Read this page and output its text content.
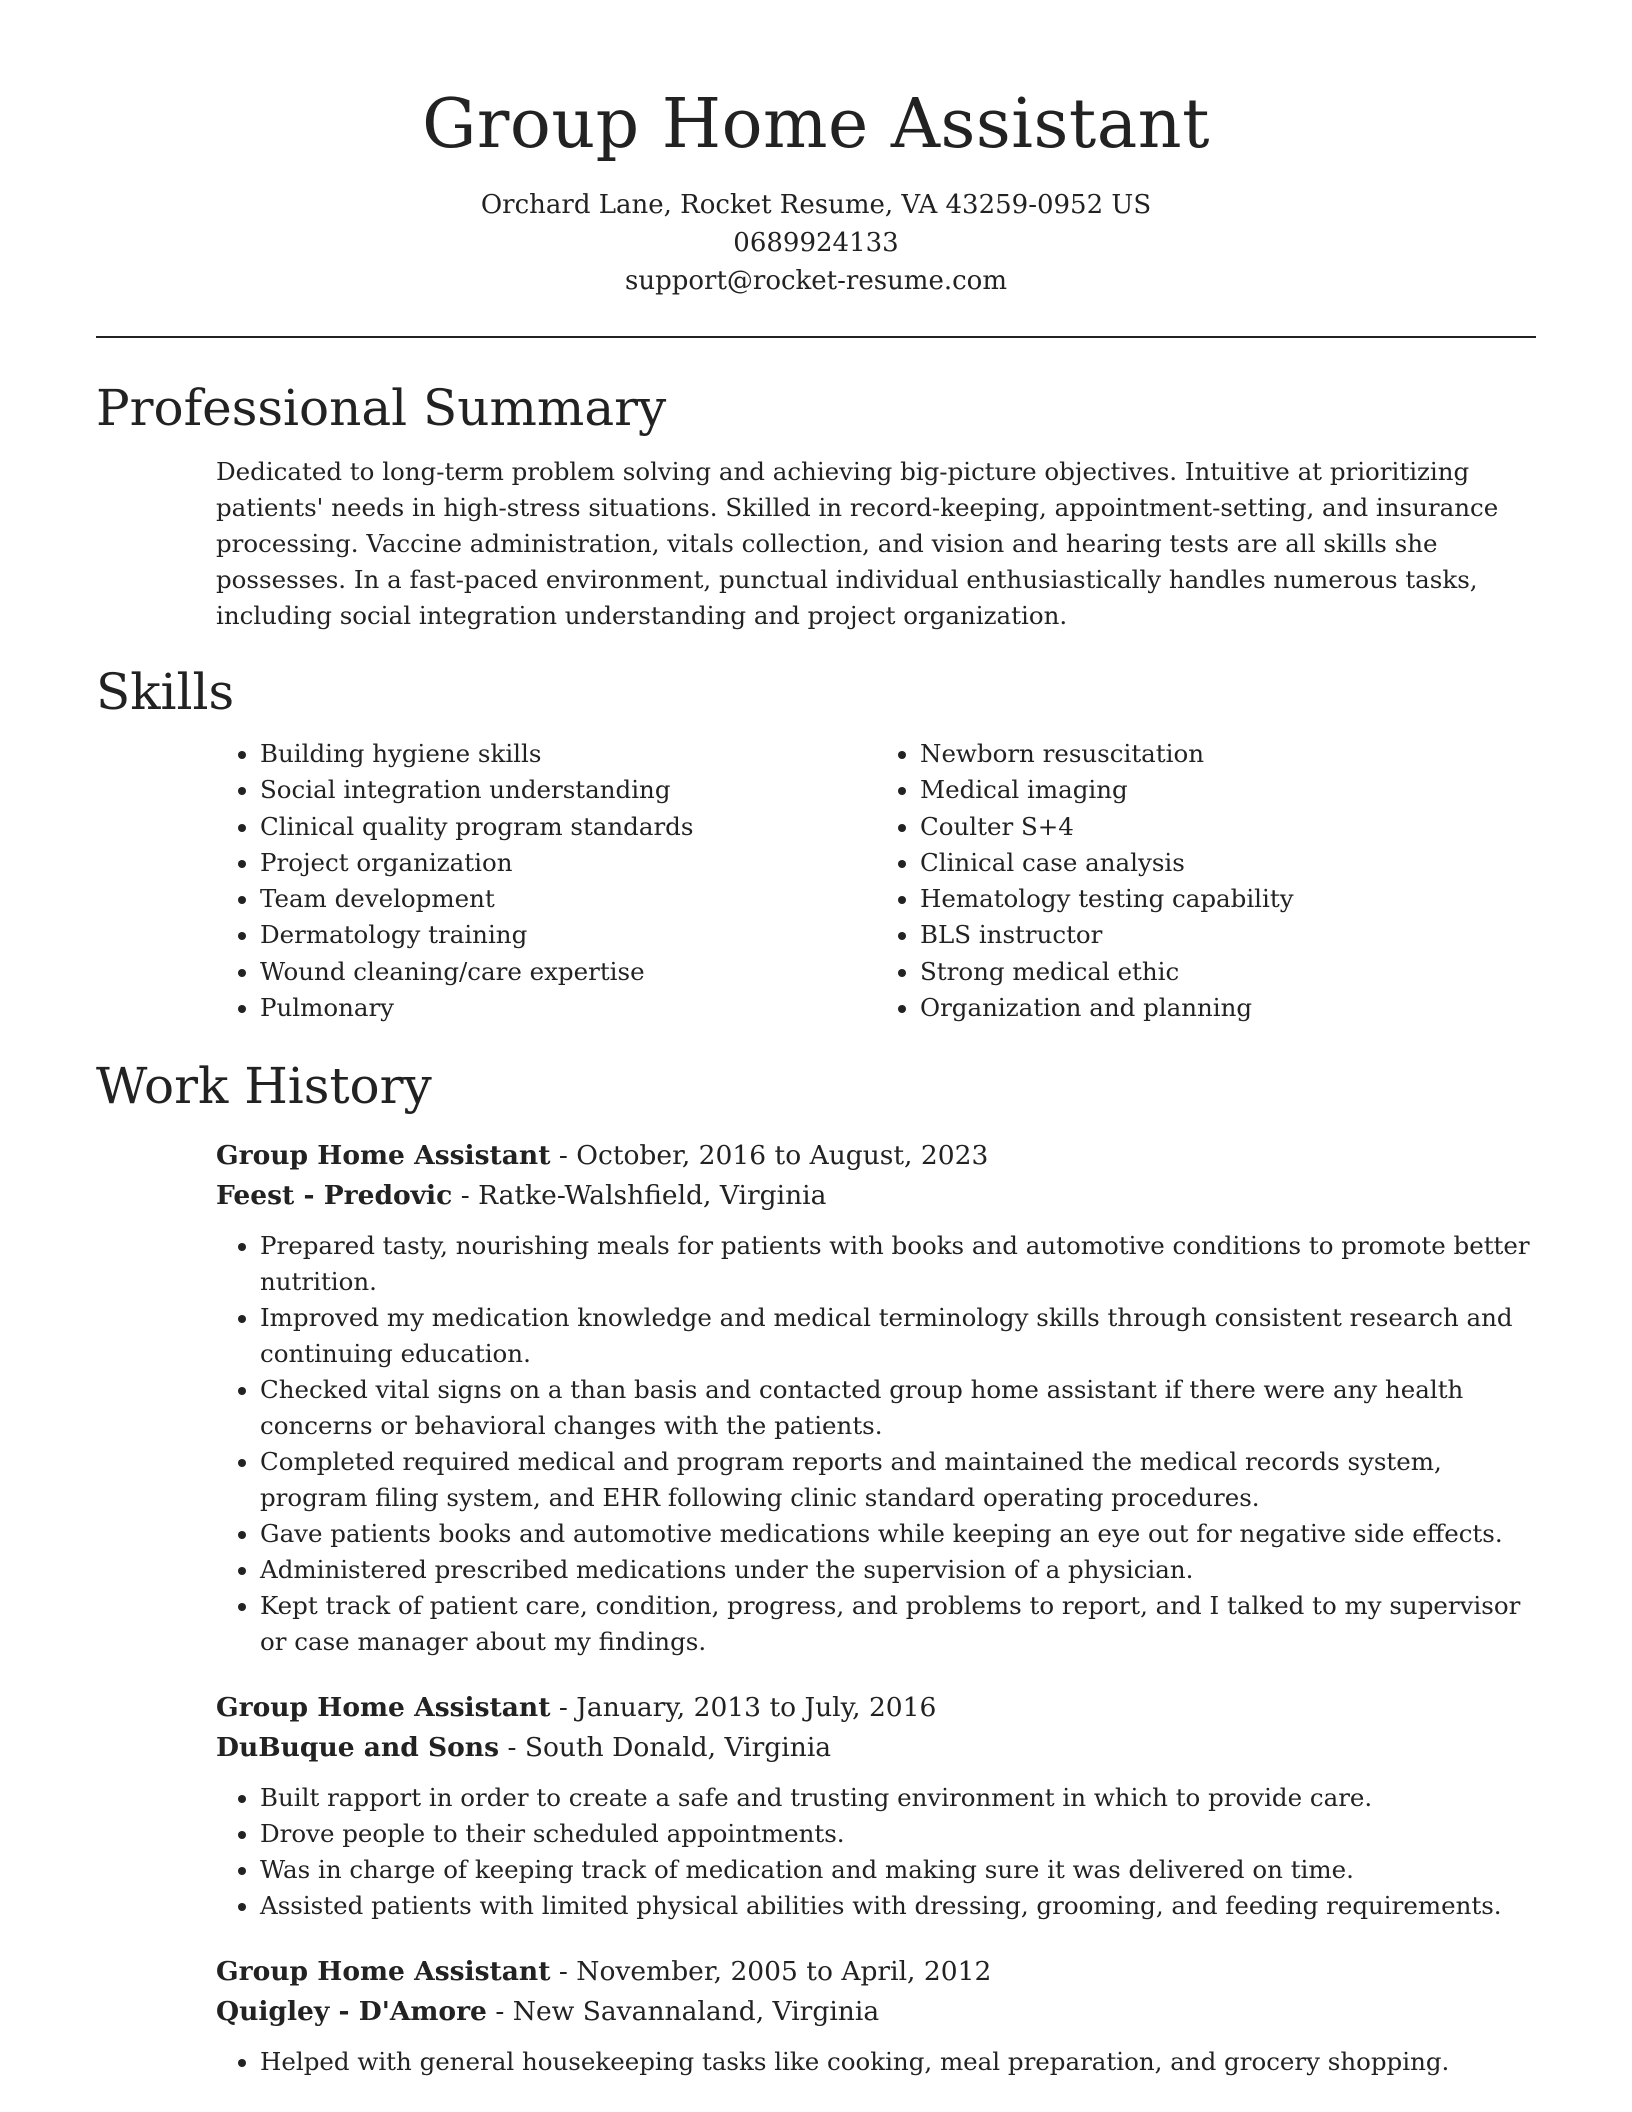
Group Home Assistant
Orchard Lane, Rocket Resume, VA 43259-0952 US
0689924133
support@rocket-resume.com
Professional Summary

Dedicated to long-term problem solving and achieving big-picture objectives. Intuitive at prioritizing patients' needs in high-stress situations. Skilled in record-keeping, appointment-setting, and insurance processing. Vaccine administration, vitals collection, and vision and hearing tests are all skills she possesses. In a fast-paced environment, punctual individual enthusiastically handles numerous tasks, including social integration understanding and project organization.

Skills
• Building hygiene skills
• Social integration understanding
• Clinical quality program standards
• Project organization
• Team development
• Dermatology training
• Wound cleaning/care expertise
• Pulmonary
• Newborn resuscitation
• Medical imaging
• Coulter S+4
• Clinical case analysis
• Hematology testing capability
• BLS instructor
• Strong medical ethic
• Organization and planning
Work History
Group Home Assistant - October, 2016 to August, 2023
Feest - Predovic - Ratke-Walshfield, Virginia
• Prepared tasty, nourishing meals for patients with books and automotive conditions to promote better nutrition.
• Improved my medication knowledge and medical terminology skills through consistent research and continuing education.
• Checked vital signs on a than basis and contacted group home assistant if there were any health concerns or behavioral changes with the patients.
• Completed required medical and program reports and maintained the medical records system, program filing system, and EHR following clinic standard operating procedures.
• Gave patients books and automotive medications while keeping an eye out for negative side effects.
• Administered prescribed medications under the supervision of a physician.
• Kept track of patient care, condition, progress, and problems to report, and I talked to my supervisor or case manager about my findings.
Group Home Assistant - January, 2013 to July, 2016
DuBuque and Sons - South Donald, Virginia
• Built rapport in order to create a safe and trusting environment in which to provide care.
• Drove people to their scheduled appointments.
• Was in charge of keeping track of medication and making sure it was delivered on time.
• Assisted patients with limited physical abilities with dressing, grooming, and feeding requirements.
Group Home Assistant - November, 2005 to April, 2012
Quigley - D'Amore - New Savannaland, Virginia
• Helped with general housekeeping tasks like cooking, meal preparation, and grocery shopping.
